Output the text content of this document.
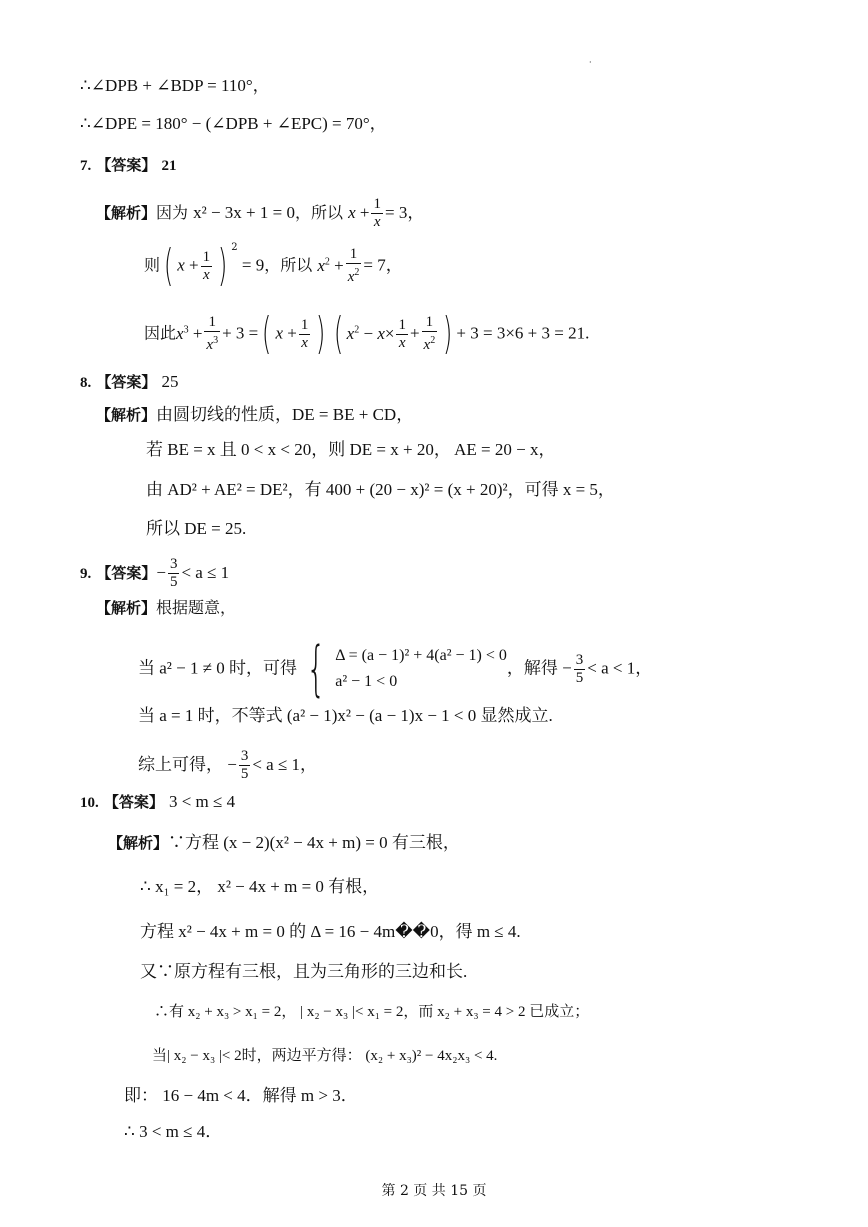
·
∴∠DPB + ∠BDP = 110°，
∴∠DPE = 180° − (∠DPB + ∠EPC) = 70°，
7. 【答案】 21
【解析】因为 x² − 3x + 1 = 0，所以 $x + \frac{1}{x} = 3$，
则( $x + \frac{1}{x}$ ) $^2$ = 9，所以 $x^2 + \frac{1}{x^2} = 7$，
因此$x^3 + \frac{1}{x^3} + 3$ =( $x + \frac{1}{x}$ ) ( $x^2 - x\times \frac{1}{x} + \frac{1}{x^2}$ ) + 3 = 3×6 + 3 = 21.
8. 【答案】 25
【解析】由圆切线的性质，DE = BE + CD，
若 BE = x 且 0 < x < 20，则 DE = x + 20， AE = 20 − x，
由 AD² + AE² = DE²，有 400 + (20 − x)² = (x + 20)²，可得 x = 5，
所以 DE = 25.
9. 【答案】− $\frac{3}{5} < a \le 1$
【解析】根据题意，
当 a² − 1 ≠ 0 时，可得 { Δ = (a − 1)² + 4(a² − 1) < 0
a² − 1 < 0
，解得 − $\frac{3}{5} < a < 1$，
当 a = 1 时，不等式 (a² − 1)x² − (a − 1)x − 1 < 0 显然成立.
综上可得， − $\frac{3}{5} < a \le 1$，
10. 【答案】 3 < m ≤ 4
【解析】∵方程 (x − 2)(x² − 4x + m) = 0 有三根，
∴ x₁ = 2， x² − 4x + m = 0 有根，
方程 x² − 4x + m = 0 的 Δ = 16 − 4m��0，得 m ≤ 4.
又∵原方程有三根，且为三角形的三边和长.
∴有 x₂ + x₃ > x₁ = 2， | x₂ − x₃ |< x₁ = 2，而 x₂ + x₃ = 4 > 2 已成立；
当| x₂ − x₃ |< 2时，两边平方得： (x₂ + x₃)² − 4x₂x₃ < 4.
即： 16 − 4m < 4．解得 m > 3．
∴ 3 < m ≤ 4．
第 2 页 共 15 页
